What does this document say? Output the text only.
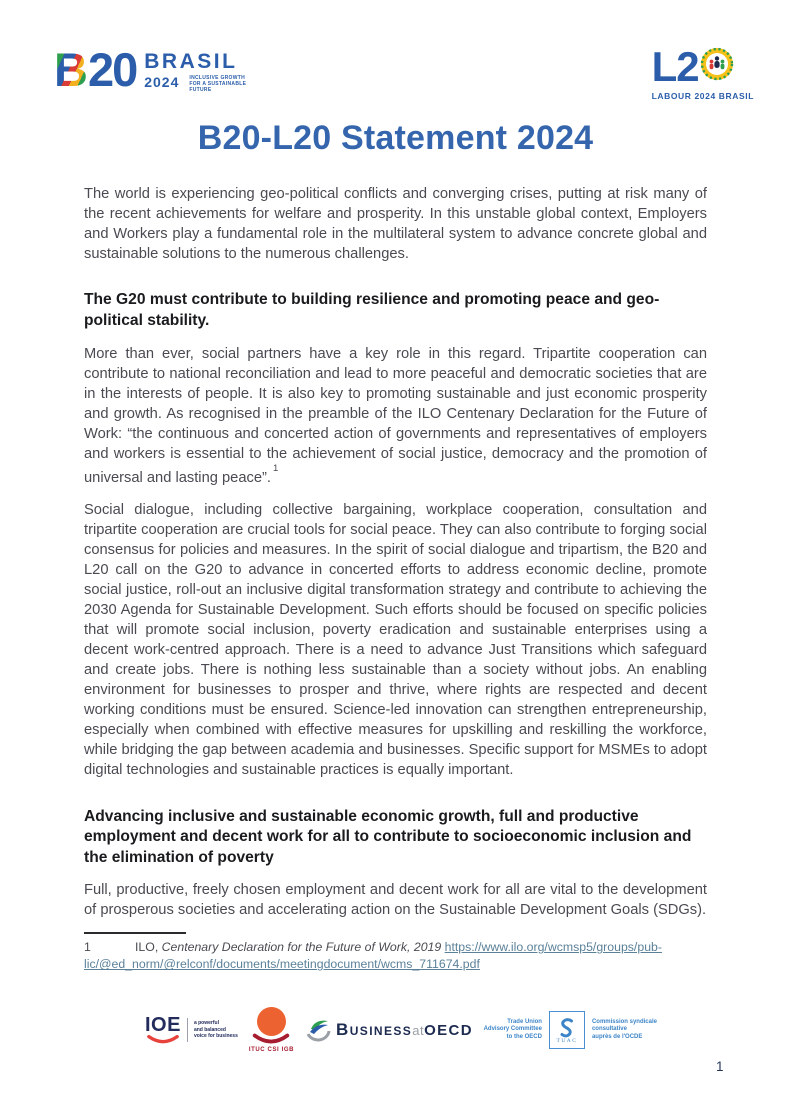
B 20 BRASIL
2024 INCLUSIVE GROWTH
FOR A SUSTAINABLE
FUTURE	L2
LABOUR 2024 BRASIL
B20-L20 Statement 2024

The world is experiencing geo-political conflicts and converging crises, putting at risk many of the recent achievements for welfare and prosperity. In this unstable global context, Employers and Workers play a fundamental role in the multilateral system to advance concrete global and sustainable solutions to the numerous challenges.

The G20 must contribute to building resilience and promoting peace and geo-political stability.

More than ever, social partners have a key role in this regard. Tripartite cooperation can contribute to national reconciliation and lead to more peaceful and democratic societies that are in the interests of people. It is also key to promoting sustainable and just economic prosperity and growth. As recognised in the preamble of the ILO Centenary Declaration for the Future of Work: “the continuous and concerted action of governments and representatives of employers and workers is essential to the achievement of social justice, democracy and the promotion of universal and lasting peace”.$^1$

Social dialogue, including collective bargaining, workplace cooperation, consultation and tripartite cooperation are crucial tools for social peace. They can also contribute to forging social consensus for policies and measures. In the spirit of social dialogue and tripartism, the B20 and L20 call on the G20 to advance in concerted efforts to address economic decline, promote social justice, roll-out an inclusive digital transformation strategy and contribute to achieving the 2030 Agenda for Sustainable Development. Such efforts should be focused on specific policies that will promote social inclusion, poverty eradication and sustainable enterprises using a decent work-centred approach. There is a need to advance Just Transitions which safeguard and create jobs. There is nothing less sustainable than a society without jobs. An enabling environment for businesses to prosper and thrive, where rights are respected and decent working conditions must be ensured. Science-led innovation can strengthen entrepreneurship, especially when combined with effective measures for upskilling and reskilling the workforce, while bridging the gap between academia and businesses. Specific support for MSMEs to adopt digital technologies and sustainable practices is equally important.

Advancing inclusive and sustainable economic growth, full and productive employment and decent work for all to contribute to socioeconomic inclusion and the elimination of poverty

Full, productive, freely chosen employment and decent work for all are vital to the development of prosperous societies and accelerating action on the Sustainable Development Goals (SDGs).

1	ILO, Centenary Declaration for the Future of Work, 2019 https://www.ilo.org/wcmsp5/groups/pub-
lic/@ed_norm/@relconf/documents/meetingdocument/wcms_711674.pdf

IOE	a powerful
and balanced
voice for business
ITUC CSI IGB
BusinessatOECD
Trade Union
Advisory Committee
to the OECD
TUAC
Commission syndicale
consultative
auprès de l'OCDE
1
